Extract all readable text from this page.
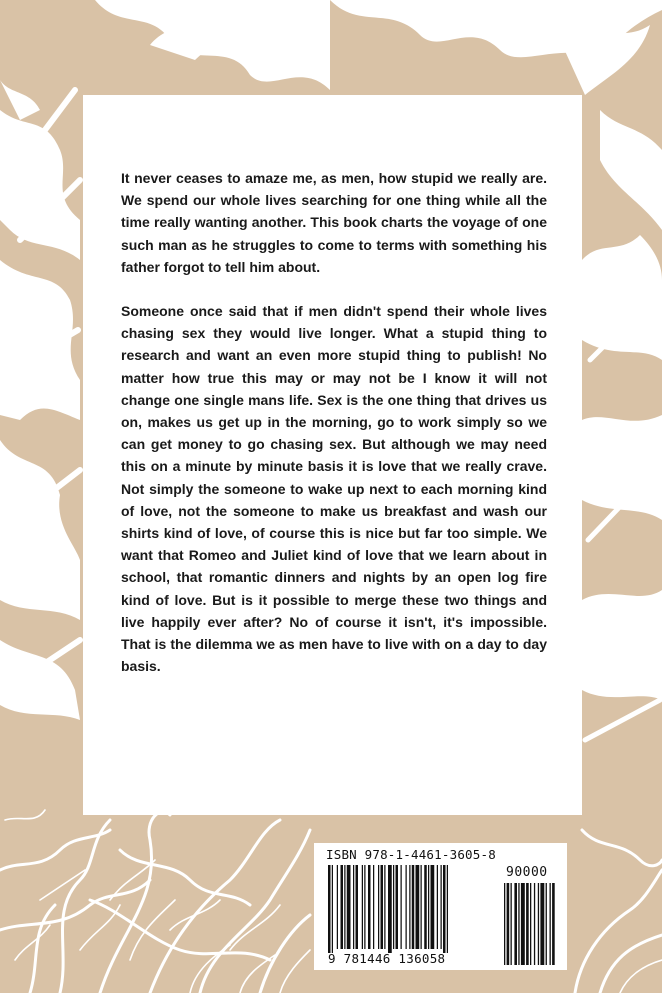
It never ceases to amaze me, as men, how stupid we really are. We spend our whole lives searching for one thing while all the time really wanting another. This book charts the voyage of one such man as he struggles to come to terms with something his father forgot to tell him about.

Someone once said that if men didn't spend their whole lives chasing sex they would live longer. What a stupid thing to research and want an even more stupid thing to publish! No matter how true this may or may not be I know it will not change one single mans life. Sex is the one thing that drives us on, makes us get up in the morning, go to work simply so we can get money to go chasing sex. But although we may need this on a minute by minute basis it is love that we really crave. Not simply the someone to wake up next to each morning kind of love, not the someone to make us breakfast and wash our shirts kind of love, of course this is nice but far too simple. We want that Romeo and Juliet kind of love that we learn about in school, that romantic dinners and nights by an open log fire kind of love. But is it possible to merge these two things and live happily ever after? No of course it isn't, it's impossible. That is the dilemma we as men have to live with on a day to day basis.

ISBN 978-1-4461-3605-8
90000
9 781446 136058
